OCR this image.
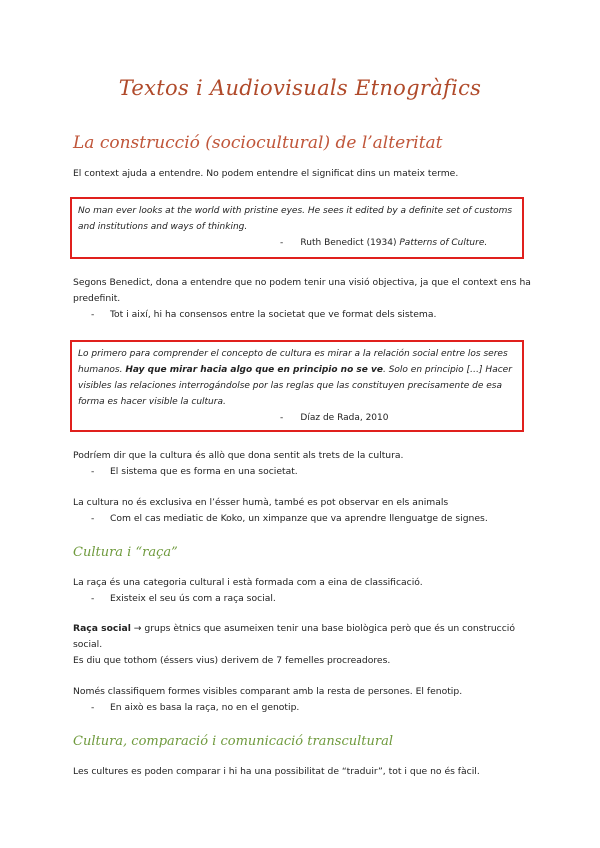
Textos i Audiovisuals Etnogràfics
La construcció (sociocultural) de l’alteritat
El context ajuda a entendre. No podem entendre el significat dins un mateix terme.
No man ever looks at the world with pristine eyes. He sees it edited by a definite set of customs and institutions and ways of thinking.
- Ruth Benedict (1934) Patterns of Culture.
Segons Benedict, dona a entendre que no podem tenir una visió objectiva, ja que el context ens ha
predefinit.
- Tot i així, hi ha consensos entre la societat que ve format dels sistema.
Lo primero para comprender el concepto de cultura es mirar a la relación social entre los seres humanos. Hay que mirar hacia algo que en principio no se ve. Solo en principio […] Hacer visibles las relaciones interrogándolse por las reglas que las constituyen precisamente de esa forma es hacer visible la cultura.
- Díaz de Rada, 2010
Podríem dir que la cultura és allò que dona sentit als trets de la cultura.
- El sistema que es forma en una societat.
La cultura no és exclusiva en l’ésser humà, també es pot observar en els animals
- Com el cas mediatic de Koko, un ximpanze que va aprendre llenguatge de signes.
Cultura i “raça”
La raça és una categoria cultural i està formada com a eina de classificació.
- Existeix el seu ús com a raça social.
Raça social → grups ètnics que asumeixen tenir una base biològica però que és un construcció social.
Es diu que tothom (éssers vius) derivem de 7 femelles procreadores.
Només classifiquem formes visibles comparant amb la resta de persones. El fenotip.
- En això es basa la raça, no en el genotip.
Cultura, comparació i comunicació transcultural
Les cultures es poden comparar i hi ha una possibilitat de “traduir”, tot i que no és fàcil.
